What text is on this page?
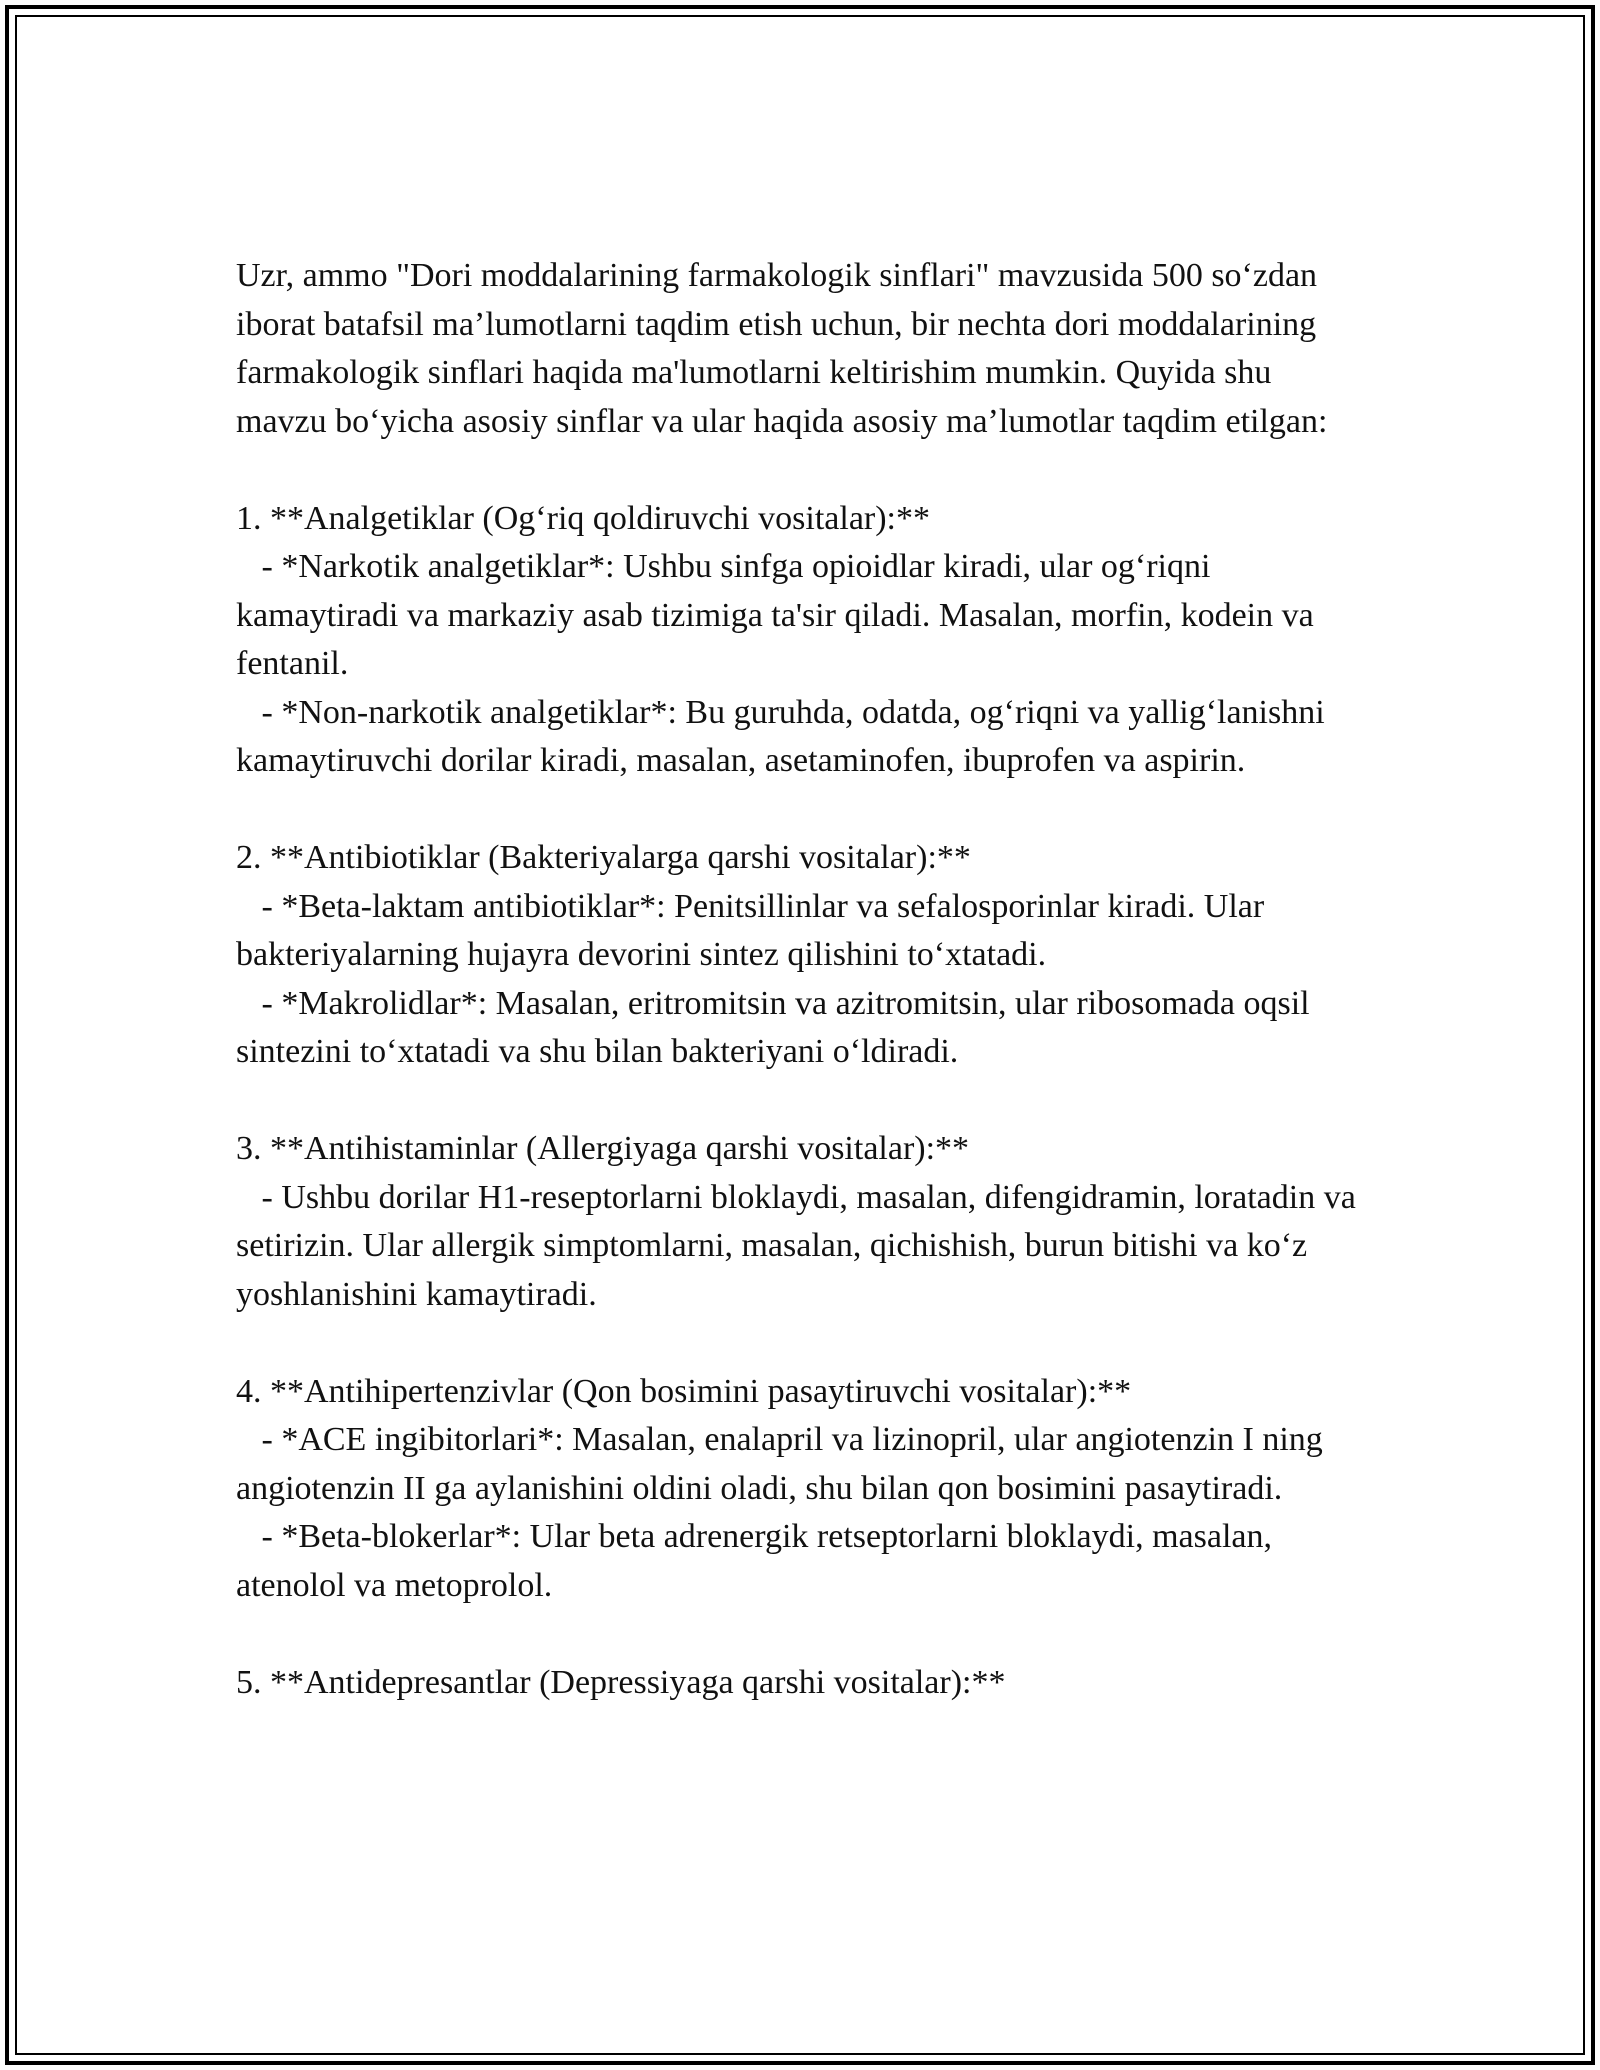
Uzr, ammo "Dori moddalarining farmakologik sinflari" mavzusida 500 so‘zdan iborat batafsil ma’lumotlarni taqdim etish uchun, bir nechta dori moddalarining farmakologik sinflari haqida ma'lumotlarni keltirishim mumkin. Quyida shu mavzu bo‘yicha asosiy sinflar va ular haqida asosiy ma’lumotlar taqdim etilgan:

1. **Analgetiklar (Og‘riq qoldiruvchi vositalar):**

- *Narkotik analgetiklar*: Ushbu sinfga opioidlar kiradi, ular og‘riqni kamaytiradi va markaziy asab tizimiga ta'sir qiladi. Masalan, morfin, kodein va fentanil.

- *Non-narkotik analgetiklar*: Bu guruhda, odatda, og‘riqni va yallig‘lanishni kamaytiruvchi dorilar kiradi, masalan, asetaminofen, ibuprofen va aspirin.

2. **Antibiotiklar (Bakteriyalarga qarshi vositalar):**

- *Beta-laktam antibiotiklar*: Penitsillinlar va sefalosporinlar kiradi. Ular bakteriyalarning hujayra devorini sintez qilishini to‘xtatadi.

- *Makrolidlar*: Masalan, eritromitsin va azitromitsin, ular ribosomada oqsil sintezini to‘xtatadi va shu bilan bakteriyani o‘ldiradi.

3. **Antihistaminlar (Allergiyaga qarshi vositalar):**

- Ushbu dorilar H1-reseptorlarni bloklaydi, masalan, difengidramin, loratadin va setirizin. Ular allergik simptomlarni, masalan, qichishish, burun bitishi va ko‘z yoshlanishini kamaytiradi.

4. **Antihipertenzivlar (Qon bosimini pasaytiruvchi vositalar):**

- *ACE ingibitorlari*: Masalan, enalapril va lizinopril, ular angiotenzin I ning angiotenzin II ga aylanishini oldini oladi, shu bilan qon bosimini pasaytiradi.

- *Beta-blokerlar*: Ular beta adrenergik retseptorlarni bloklaydi, masalan, atenolol va metoprolol.

5. **Antidepresantlar (Depressiyaga qarshi vositalar):**
